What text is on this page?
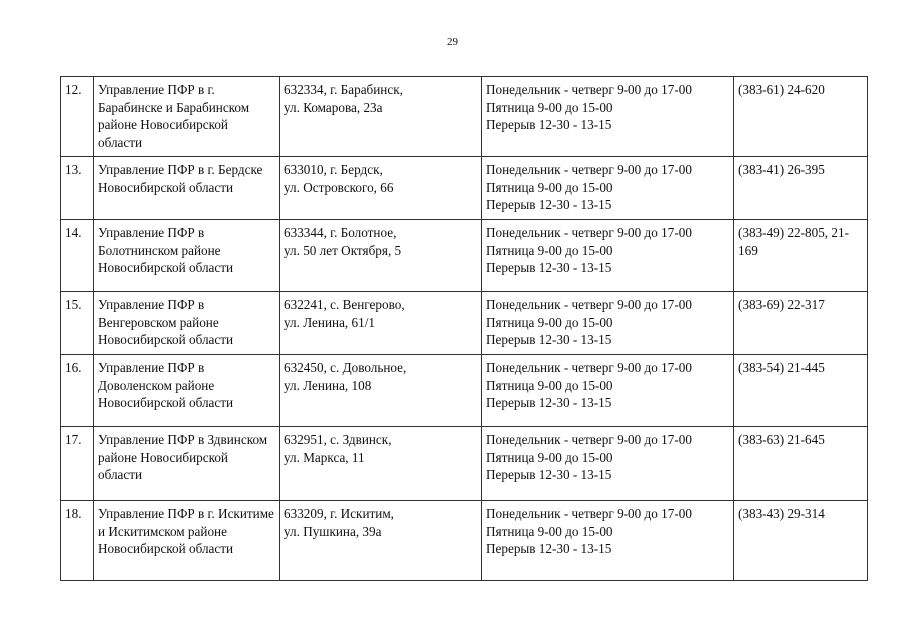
29
12.	Управление ПФР в г. Барабинске и Барабинском районе Новосибирской области	632334, г. Барабинск,
ул. Комарова, 23а	Понедельник - четверг 9-00 до 17-00
Пятница 9-00 до 15-00
Перерыв 12-30 - 13-15	(383-61) 24-620

13.	Управление ПФР в г. Бердске Новосибирской области	633010, г. Бердск,
ул. Островского, 66	Понедельник - четверг 9-00 до 17-00
Пятница 9-00 до 15-00
Перерыв 12-30 - 13-15	(383-41) 26-395

14.	Управление ПФР в Болотнинском районе Новосибирской области	633344, г. Болотное,
ул. 50 лет Октября, 5	Понедельник - четверг 9-00 до 17-00
Пятница 9-00 до 15-00
Перерыв 12-30 - 13-15	(383-49) 22-805, 21-169

15.	Управление ПФР в Венгеровском районе Новосибирской области	632241, с. Венгерово,
ул. Ленина, 61/1	Понедельник - четверг 9-00 до 17-00
Пятница 9-00 до 15-00
Перерыв 12-30 - 13-15	(383-69) 22-317

16.	Управление ПФР в Доволенском районе Новосибирской области	632450, с. Довольное,
ул. Ленина, 108	Понедельник - четверг 9-00 до 17-00
Пятница 9-00 до 15-00
Перерыв 12-30 - 13-15	(383-54) 21-445

17.	Управление ПФР в Здвинском районе Новосибирской области	632951, с. Здвинск,
ул. Маркса, 11	Понедельник - четверг 9-00 до 17-00
Пятница 9-00 до 15-00
Перерыв 12-30 - 13-15	(383-63) 21-645

18.	Управление ПФР в г. Искитиме и Искитимском районе Новосибирской области	633209, г. Искитим,
ул. Пушкина, 39а	Понедельник - четверг 9-00 до 17-00
Пятница 9-00 до 15-00
Перерыв 12-30 - 13-15	(383-43) 29-314
